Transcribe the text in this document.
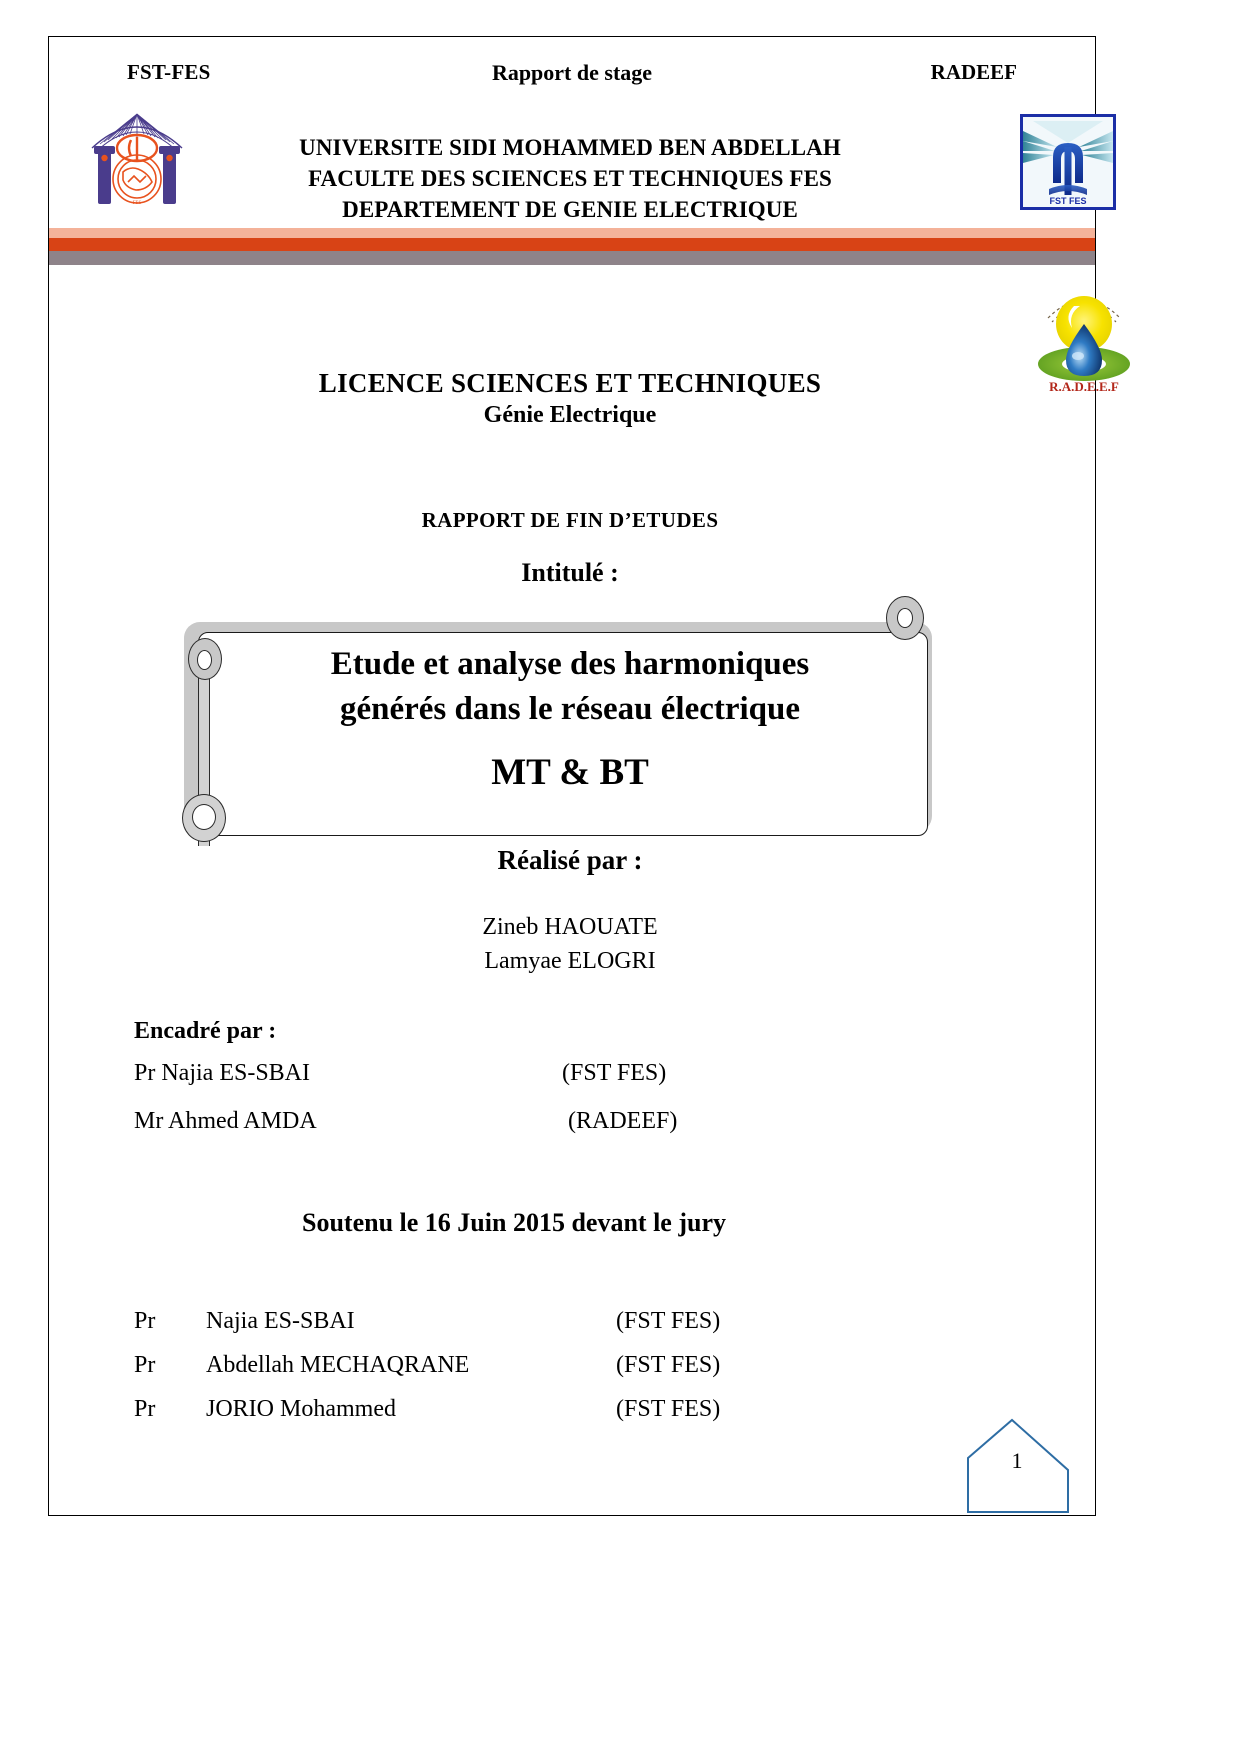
FST-FES	Rapport de stage	RADEEF
FES
UNIVERSITE SIDI MOHAMMED BEN ABDELLAH
FACULTE DES SCIENCES ET TECHNIQUES FES
DEPARTEMENT DE GENIE ELECTRIQUE	FST FES
R.A.D.E.E.F
LICENCE SCIENCES ET TECHNIQUES
Génie Electrique
RAPPORT DE FIN D’ETUDES
Intitulé :
Etude et analyse des harmoniques
générés dans le réseau électrique
MT & BT
Réalisé par :
Zineb HAOUATE
Lamyae ELOGRI
Encadré par :
Pr Najia ES-SBAI	(FST FES)
Mr Ahmed AMDA	(RADEEF)
Soutenu le 16 Juin 2015 devant le jury
Pr Najia ES-SBAI	(FST FES)
Pr Abdellah MECHAQRANE	(FST FES)
Pr JORIO Mohammed	(FST FES)
1
